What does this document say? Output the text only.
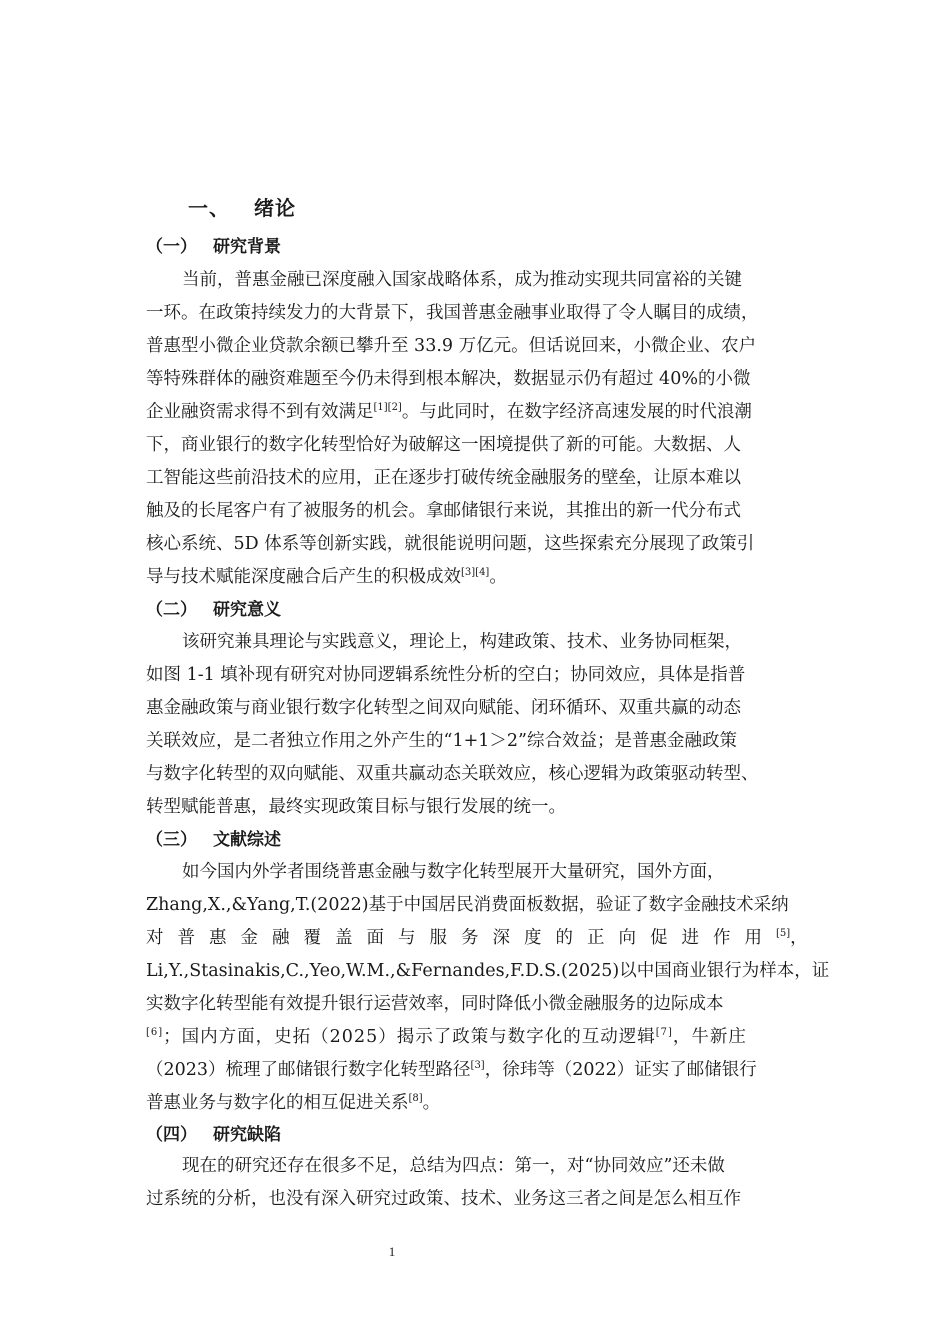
一、 绪论
（一） 研究背景
当前，普惠金融已深度融入国家战略体系，成为推动实现共同富裕的关键
一环。在政策持续发力的大背景下，我国普惠金融事业取得了令人瞩目的成绩，
普惠型小微企业贷款余额已攀升至 33.9 万亿元。但话说回来，小微企业、农户
等特殊群体的融资难题至今仍未得到根本解决，数据显示仍有超过 40%的小微
企业融资需求得不到有效满足[1][2]。与此同时，在数字经济高速发展的时代浪潮
下，商业银行的数字化转型恰好为破解这一困境提供了新的可能。大数据、人
工智能这些前沿技术的应用，正在逐步打破传统金融服务的壁垒，让原本难以
触及的长尾客户有了被服务的机会。拿邮储银行来说，其推出的新一代分布式
核心系统、5D 体系等创新实践，就很能说明问题，这些探索充分展现了政策引
导与技术赋能深度融合后产生的积极成效[3][4]。
（二） 研究意义
该研究兼具理论与实践意义，理论上，构建政策、技术、业务协同框架，
如图 1-1 填补现有研究对协同逻辑系统性分析的空白；协同效应，具体是指普
惠金融政策与商业银行数字化转型之间双向赋能、闭环循环、双重共赢的动态
关联效应，是二者独立作用之外产生的“1+1＞2”综合效益；是普惠金融政策
与数字化转型的双向赋能、双重共赢动态关联效应，核心逻辑为政策驱动转型、
转型赋能普惠，最终实现政策目标与银行发展的统一。
（三） 文献综述
如今国内外学者围绕普惠金融与数字化转型展开大量研究，国外方面，
Zhang,X.,&Yang,T.(2022)基于中国居民消费面板数据，验证了数字金融技术采纳
对普惠金融覆盖面与服务深度的正向促进作用 [5]，
Li,Y.,Stasinakis,C.,Yeo,W.M.,&Fernandes,F.D.S.(2025)以中国商业银行为样本，证
实数字化转型能有效提升银行运营效率，同时降低小微金融服务的边际成本
[6]；国内方面，史拓（2025）揭示了政策与数字化的互动逻辑[7]，牛新庄
（2023）梳理了邮储银行数字化转型路径[3]，徐玮等（2022）证实了邮储银行
普惠业务与数字化的相互促进关系[8]。
（四） 研究缺陷
现在的研究还存在很多不足，总结为四点：第一，对“协同效应”还未做
过系统的分析，也没有深入研究过政策、技术、业务这三者之间是怎么相互作
1
